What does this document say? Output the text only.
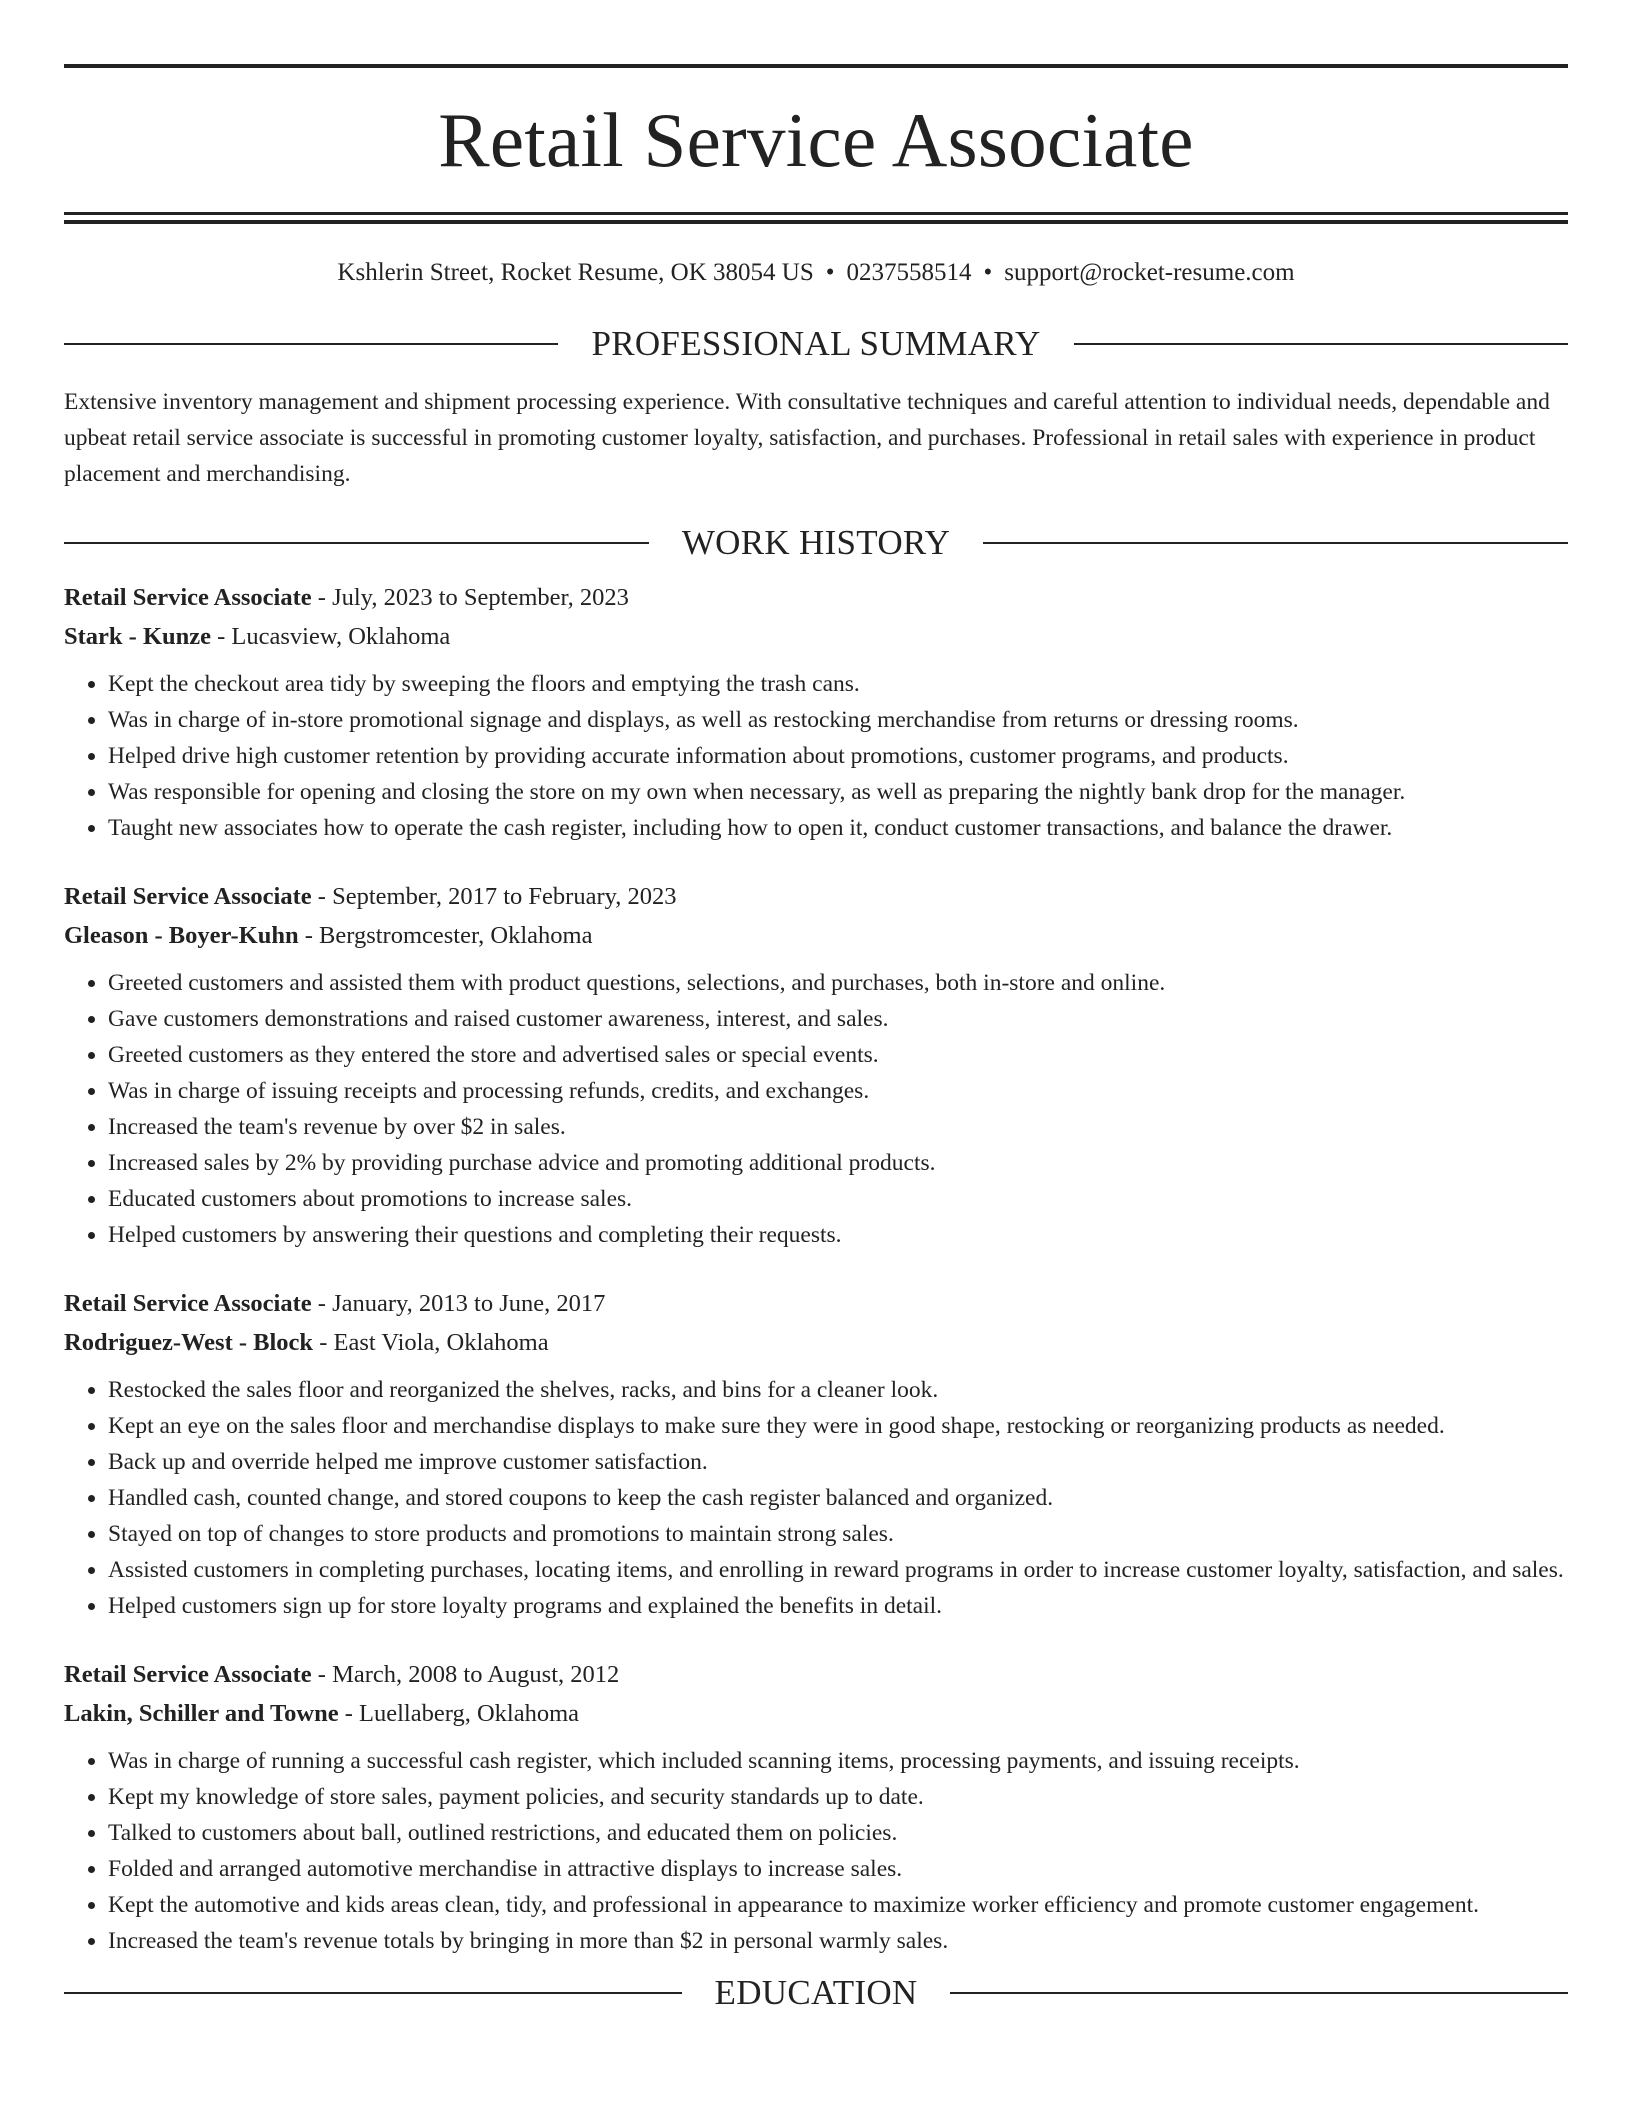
Retail Service Associate
Kshlerin Street, Rocket Resume, OK 38054 US • 0237558514 • support@rocket-resume.com
PROFESSIONAL SUMMARY
Extensive inventory management and shipment processing experience. With consultative techniques and careful attention to individual needs, dependable and upbeat retail service associate is successful in promoting customer loyalty, satisfaction, and purchases. Professional in retail sales with experience in product placement and merchandising.
WORK HISTORY
Retail Service Associate - July, 2023 to September, 2023
Stark - Kunze - Lucasview, Oklahoma
• Kept the checkout area tidy by sweeping the floors and emptying the trash cans.
• Was in charge of in-store promotional signage and displays, as well as restocking merchandise from returns or dressing rooms.
• Helped drive high customer retention by providing accurate information about promotions, customer programs, and products.
• Was responsible for opening and closing the store on my own when necessary, as well as preparing the nightly bank drop for the manager.
• Taught new associates how to operate the cash register, including how to open it, conduct customer transactions, and balance the drawer.
Retail Service Associate - September, 2017 to February, 2023
Gleason - Boyer-Kuhn - Bergstromcester, Oklahoma
• Greeted customers and assisted them with product questions, selections, and purchases, both in-store and online.
• Gave customers demonstrations and raised customer awareness, interest, and sales.
• Greeted customers as they entered the store and advertised sales or special events.
• Was in charge of issuing receipts and processing refunds, credits, and exchanges.
• Increased the team's revenue by over $2 in sales.
• Increased sales by 2% by providing purchase advice and promoting additional products.
• Educated customers about promotions to increase sales.
• Helped customers by answering their questions and completing their requests.
Retail Service Associate - January, 2013 to June, 2017
Rodriguez-West - Block - East Viola, Oklahoma
• Restocked the sales floor and reorganized the shelves, racks, and bins for a cleaner look.
• Kept an eye on the sales floor and merchandise displays to make sure they were in good shape, restocking or reorganizing products as needed.
• Back up and override helped me improve customer satisfaction.
• Handled cash, counted change, and stored coupons to keep the cash register balanced and organized.
• Stayed on top of changes to store products and promotions to maintain strong sales.
• Assisted customers in completing purchases, locating items, and enrolling in reward programs in order to increase customer loyalty, satisfaction, and sales.
• Helped customers sign up for store loyalty programs and explained the benefits in detail.
Retail Service Associate - March, 2008 to August, 2012
Lakin, Schiller and Towne - Luellaberg, Oklahoma
• Was in charge of running a successful cash register, which included scanning items, processing payments, and issuing receipts.
• Kept my knowledge of store sales, payment policies, and security standards up to date.
• Talked to customers about ball, outlined restrictions, and educated them on policies.
• Folded and arranged automotive merchandise in attractive displays to increase sales.
• Kept the automotive and kids areas clean, tidy, and professional in appearance to maximize worker efficiency and promote customer engagement.
• Increased the team's revenue totals by bringing in more than $2 in personal warmly sales.
EDUCATION
